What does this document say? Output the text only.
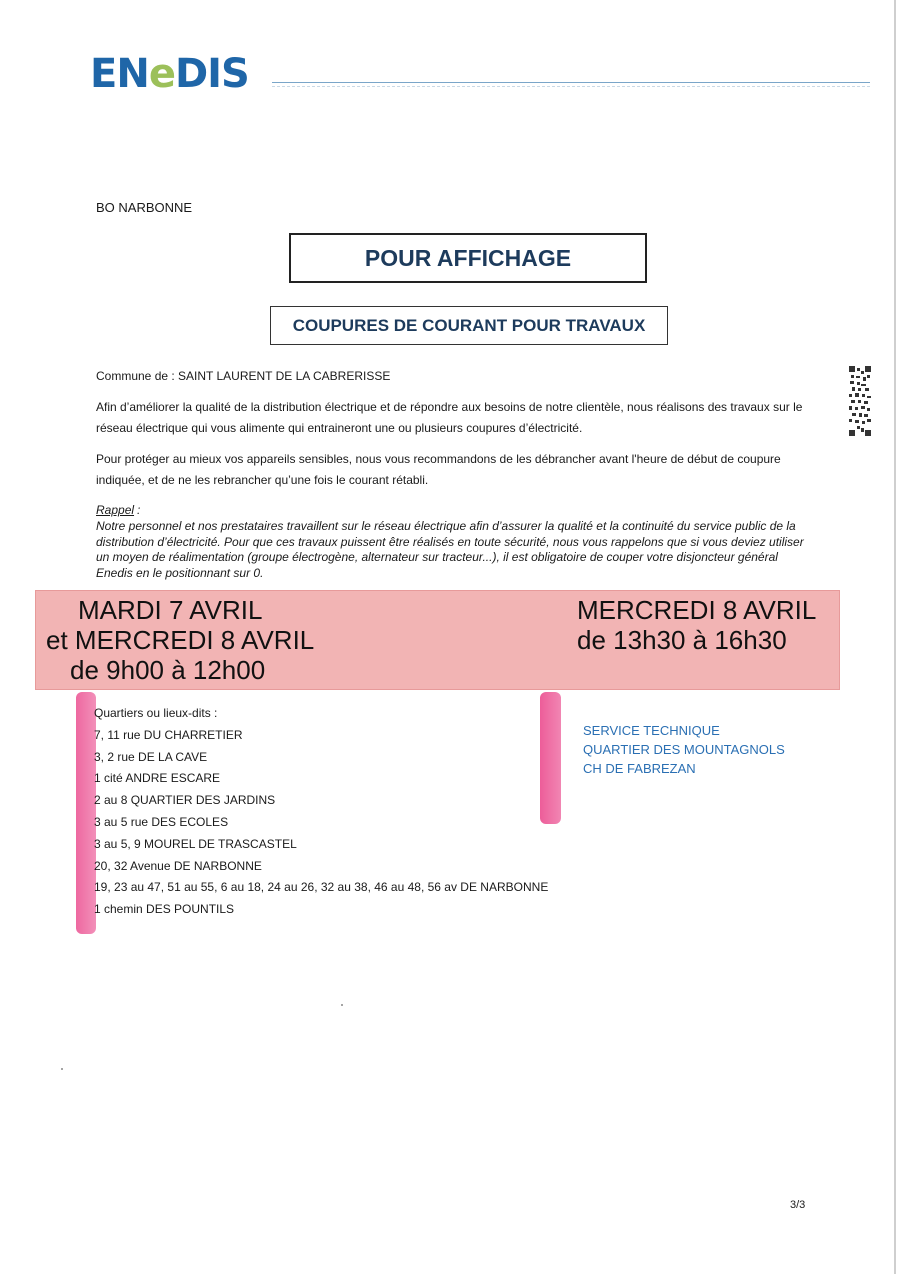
EN e DIS
BO NARBONNE
POUR AFFICHAGE
COUPURES DE COURANT POUR TRAVAUX
Commune de : SAINT LAURENT DE LA CABRERISSE
Afin d’améliorer la qualité de la distribution électrique et de répondre aux besoins de notre clientèle, nous réalisons des travaux sur le réseau électrique qui vous alimente qui entraineront une ou plusieurs coupures d’électricité.
Pour protéger au mieux vos appareils sensibles, nous vous recommandons de les débrancher avant l'heure de début de coupure indiquée, et de ne les rebrancher qu’une fois le courant rétabli.
Rappel :
Notre personnel et nos prestataires travaillent sur le réseau électrique afin d’assurer la qualité et la continuité du service public de la distribution d’électricité. Pour que ces travaux puissent être réalisés en toute sécurité, nous vous rappelons que si vous deviez utiliser un moyen de réalimentation (groupe électrogène, alternateur sur tracteur...), il est obligatoire de couper votre disjoncteur général Enedis en le positionnant sur 0.
MARDI 7 AVRIL
et MERCREDI 8 AVRIL
de 9h00 à 12h00
MERCREDI 8 AVRIL
de 13h30 à 16h30
Quartiers ou lieux-dits :
7, 11 rue DU CHARRETIER
3, 2 rue DE LA CAVE
1 cité ANDRE ESCARE
2 au 8 QUARTIER DES JARDINS
3 au 5 rue DES ECOLES
3 au 5, 9 MOUREL DE TRASCASTEL
20, 32 Avenue DE NARBONNE
19, 23 au 47, 51 au 55, 6 au 18, 24 au 26, 32 au 38, 46 au 48, 56 av DE NARBONNE
1 chemin DES POUNTILS
SERVICE TECHNIQUE
QUARTIER DES MOUNTAGNOLS
CH DE FABREZAN
3/3
